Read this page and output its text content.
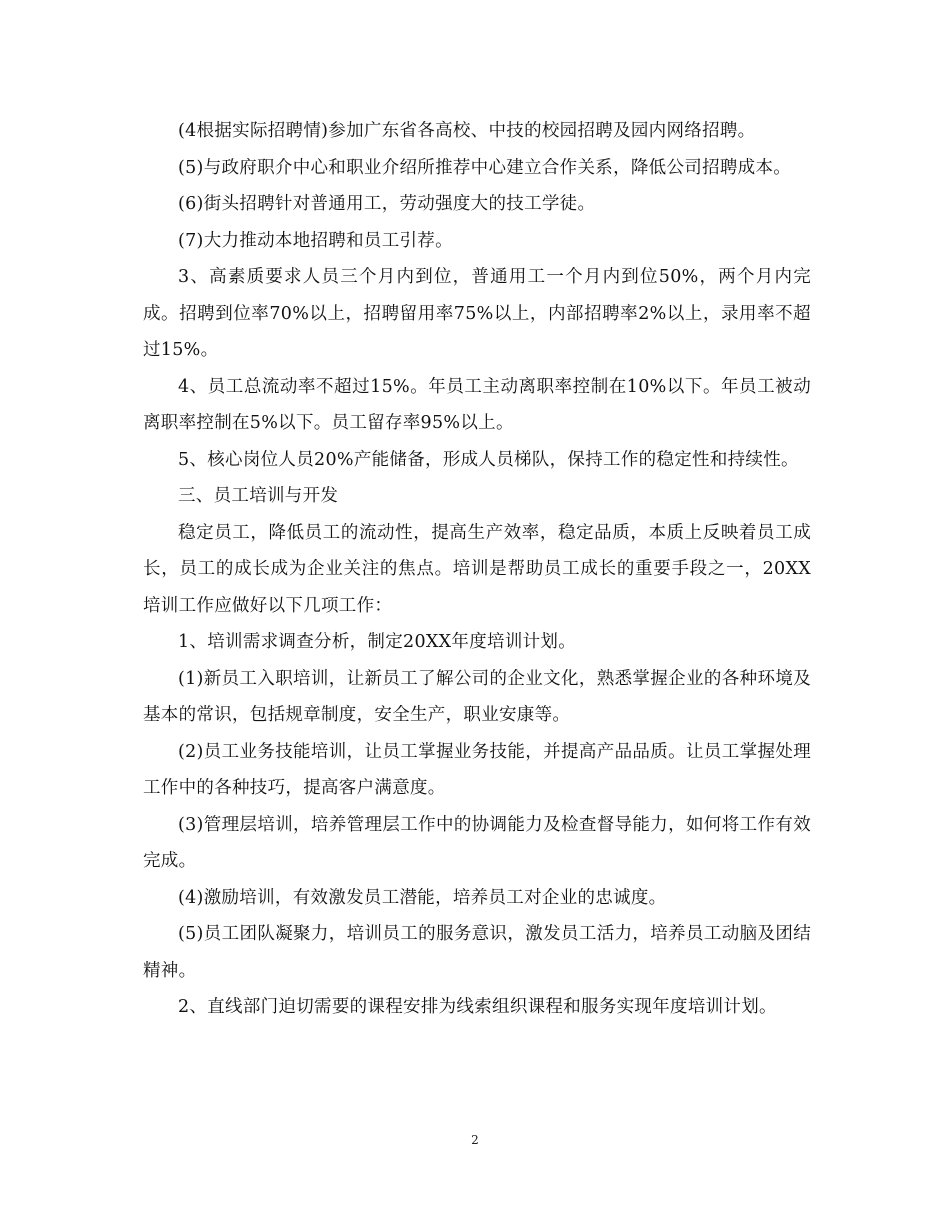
(4根据实际招聘情)参加广东省各高校、中技的校园招聘及园内网络招聘。

(5)与政府职介中心和职业介绍所推荐中心建立合作关系，降低公司招聘成本。

(6)街头招聘针对普通用工，劳动强度大的技工学徒。

(7)大力推动本地招聘和员工引荐。

3、高素质要求人员三个月内到位，普通用工一个月内到位50%，两个月内完成。招聘到位率70%以上，招聘留用率75%以上，内部招聘率2%以上，录用率不超过15%。

4、员工总流动率不超过15%。年员工主动离职率控制在10%以下。年员工被动离职率控制在5%以下。员工留存率95%以上。

5、核心岗位人员20%产能储备，形成人员梯队，保持工作的稳定性和持续性。

三、员工培训与开发

稳定员工，降低员工的流动性，提高生产效率，稳定品质，本质上反映着员工成长，员工的成长成为企业关注的焦点。培训是帮助员工成长的重要手段之一，20XX培训工作应做好以下几项工作：

1、培训需求调查分析，制定20XX年度培训计划。

(1)新员工入职培训，让新员工了解公司的企业文化，熟悉掌握企业的各种环境及基本的常识，包括规章制度，安全生产，职业安康等。

(2)员工业务技能培训，让员工掌握业务技能，并提高产品品质。让员工掌握处理工作中的各种技巧，提高客户满意度。

(3)管理层培训，培养管理层工作中的协调能力及检查督导能力，如何将工作有效完成。

(4)激励培训，有效激发员工潜能，培养员工对企业的忠诚度。

(5)员工团队凝聚力，培训员工的服务意识，激发员工活力，培养员工动脑及团结精神。

2、直线部门迫切需要的课程安排为线索组织课程和服务实现年度培训计划。

2
